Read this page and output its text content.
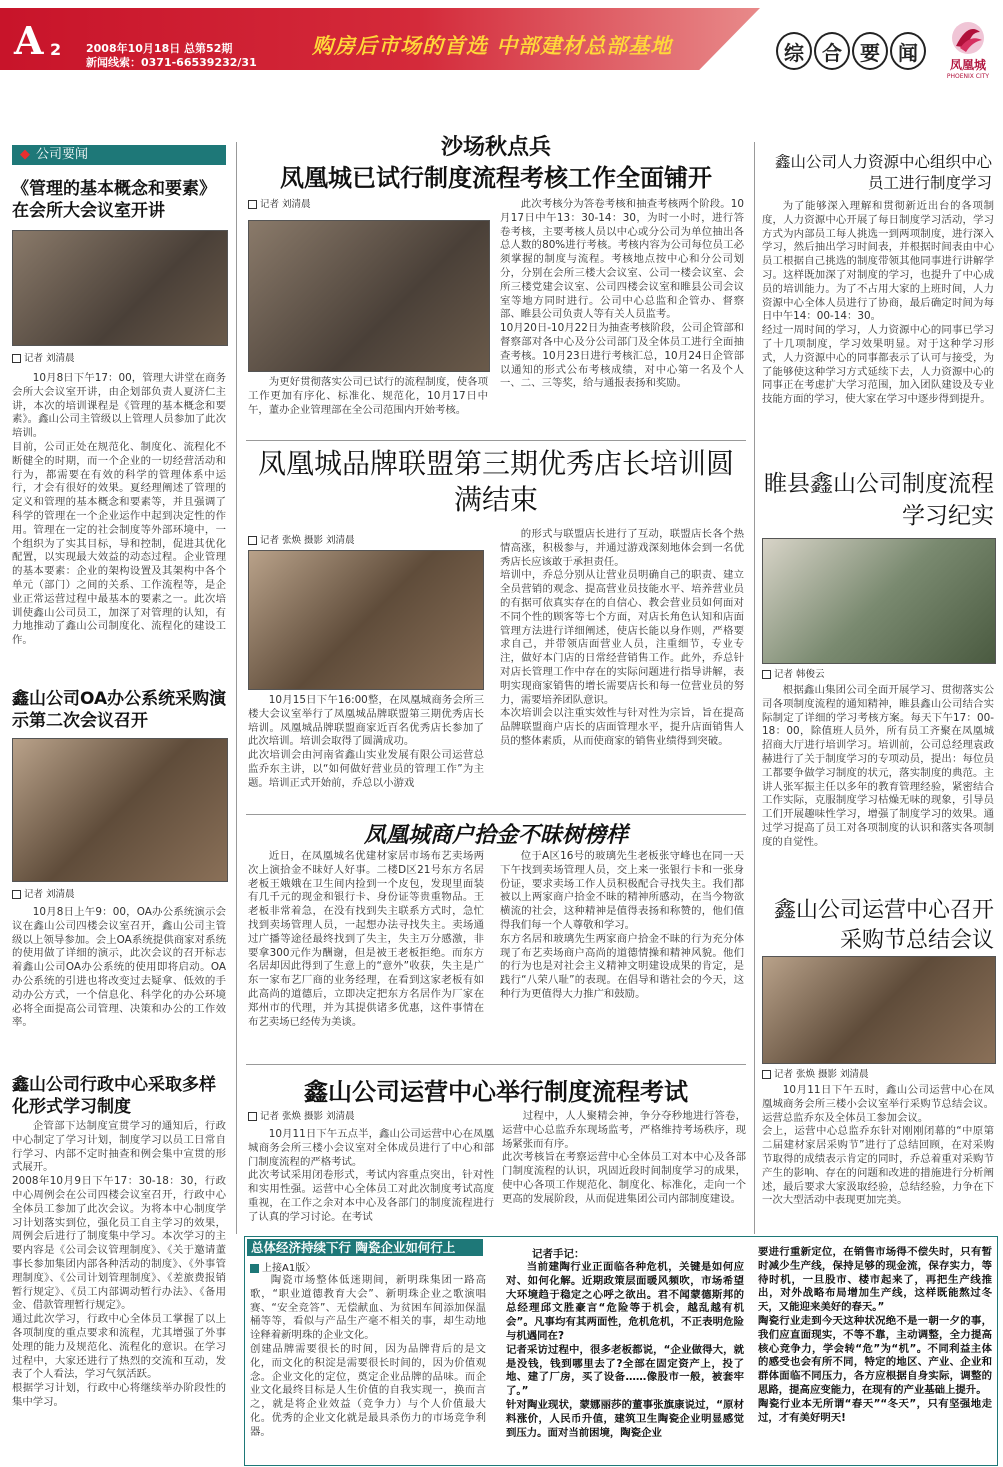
A 2 2008年10月18日 总第52期
新闻线索：0371-66539232/31
购房后市场的首选 中部建材总部基地	综 合 要 闻
凤凰城
PHOENIX CITY
◆ 公司要闻
《管理的基本概念和要素》在会所大会议室开讲
记者 刘清晨
10月8日下午17：00，管理大讲堂在商务会所大会议室开讲，由企划部负责人夏济仁主讲，本次的培训课程是《管理的基本概念和要素》。鑫山公司主管级以上管理人员参加了此次培训。
目前，公司正处在规范化、制度化、流程化不断健全的时期，而一个企业的一切经营活动和行为，都需要在有效的科学的管理体系中运行，才会有很好的效果。夏经理阐述了管理的定义和管理的基本概念和要素等，并且强调了科学的管理在一个企业运作中起到决定性的作用。管理在一定的社会制度等外部环境中，一个组织为了实其目标，导和控制，促进其优化配置，以实现最大效益的动态过程。企业管理的基本要素：企业的架构设置及其架构中各个单元（部门）之间的关系、工作流程等，是企业正常运营过程中最基本的要素之一。此次培训使鑫山公司员工，加深了对管理的认知，有力地推动了鑫山公司制度化、流程化的建设工作。
鑫山公司OA办公系统采购演示第二次会议召开
记者 刘清晨
10月8日上午9：00，OA办公系统演示会议在鑫山公司四楼会议室召开，鑫山公司主管级以上领导参加。会上OA系统提供商家对系统的使用做了详细的演示，此次会议的召开标志着鑫山公司OA办公系统的使用即将启动。OA办公系统的引进也将改变过去疑拿、低效的手动办公方式，一个信息化、科学化的办公环境必将全面提高公司管理、决策和办公的工作效率。
鑫山公司行政中心采取多样化形式学习制度
企管部下达制度宣贯学习的通知后，行政中心制定了学习计划，制度学习以员工日常自行学习、内部不定时抽查和例会集中宣贯的形式展开。
2008年10月9日下午17：30-18：30，行政中心周例会在公司四楼会议室召开，行政中心全体员工参加了此次会议。为将本中心制度学习计划落实到位，强化员工自主学习的效果，周例会后进行了制度集中学习。本次学习的主要内容是《公司会议管理制度》、《关于邀请董事长参加集团内部各种活动的制度》、《外事管理制度》、《公司计划管理制度》、《差旅费报销暂行规定》、《员工内部调动暂行办法》、《备用金、借款管理暂行规定》。
通过此次学习，行政中心全体员工掌握了以上各项制度的重点要求和流程，尤其增强了外事处理的能力及规范化、流程化的意识。在学习过程中，大家还进行了热烈的交流和互动，发表了个人看法，学习气氛活跃。
根据学习计划，行政中心将继续举办阶段性的集中学习。
沙场秋点兵
凤凰城已试行制度流程考核工作全面铺开
记者 刘清晨
为更好贯彻落实公司已试行的流程制度，使各项工作更加有序化、标准化、规范化，10月17日中午，董办企业管理部在全公司范围内开始考核。
此次考核分为答卷考核和抽查考核两个阶段。10月17日中午13：30-14：30，为时一小时，进行答卷考核，主要考核人员以中心或分公司为单位抽出各总人数的80%进行考核。考核内容为公司每位员工必须掌握的制度与流程。考核地点按中心和分公司划分，分别在会所三楼大会议室、公司一楼会议室、会所三楼党建会议室、公司四楼会议室和睢县公司会议室等地方同时进行。公司中心总监和企管办、督察部、睢县公司负责人等有关人员监考。
10月20日-10月22日为抽查考核阶段，公司企管部和督察部对各中心及分公司部门及全体员工进行全面抽查考核。10月23日进行考核汇总，10月24日企管部以通知的形式公布考核成绩，对中心第一名及个人一、二、三等奖，给与通报表扬和奖励。
凤凰城品牌联盟第三期优秀店长培训圆满结束
记者 张焕 摄影 刘清晨
10月15日下午16:00整，在凤凰城商务会所三楼大会议室举行了凤凰城品牌联盟第三期优秀店长培训。凤凰城品牌联盟商家近百名优秀店长参加了此次培训。培训会取得了圆满成功。
此次培训会由河南省鑫山实业发展有限公司运营总监乔东主讲，以“如何做好营业员的管理工作”为主题。培训正式开始前，乔总以小游戏
的形式与联盟店长进行了互动，联盟店长各个热情高涨，积极参与，并通过游戏深刻地体会到一名优秀店长应该敢于承担责任。
培训中，乔总分别从让营业员明确自己的职责、建立全员营销的观念、提高营业员技能水平、培养营业员的有据可依真实存在的自信心、教会营业员如何面对不同个性的顾客等七个方面，对店长角色认知和店面管理方法进行详细阐述，使店长能以身作则，严格要求自己，并带领店面营业人员，注重细节，专业专注，做好本门店的日常经营销售工作。此外，乔总针对店长管理工作中存在的实际问题进行指导讲解，表明实现商家销售的增长需要店长和每一位营业员的努力，需要培养团队意识。
本次培训会以注重实效性与针对性为宗旨，旨在提高品牌联盟商户店长的店面管理水平，提升店面销售人员的整体素质，从而使商家的销售业绩得到突破。
凤凰城商户拾金不昧树榜样
近日，在凤凰城名优建材家居市场布艺卖场两次上演拾金不昧好人好事。二楼D区21号东方名居老板王娥娥在卫生间内捡到一个皮包，发现里面装有几千元的现金和银行卡、身份证等贵重物品。王老板非常着急，在没有找到失主联系方式时，急忙找到卖场管理人员，一起想办法寻找失主。卖场通过广播等途径最终找到了失主，失主万分感激，非要拿300元作为酬谢，但是被王老板拒绝。而东方名居却因此得到了生意上的“意外”收获，失主是广东一家布艺厂商的业务经理，在看到这家老板有如此高尚的道德后，立即决定把东方名居作为厂家在郑州市的代理，并为其提供诸多优惠，这件事情在布艺卖场已经传为美谈。
位于A区16号的玻璃先生老板张守峰也在同一天下午找到卖场管理人员，交上来一张银行卡和一张身份证，要求卖场工作人员积极配合寻找失主。我们都被以上两家商户拾金不昧的精神所感动，在当今物欲横流的社会，这种精神是值得表扬和称赞的，他们值得我们每一个人尊敬和学习。
东方名居和玻璃先生两家商户拾金不昧的行为充分体现了布艺卖场商户高尚的道德情操和精神风貌。他们的行为也是对社会主义精神文明建设成果的肯定，是践行“八荣八耻”的表现。在倡导和谐社会的今天，这种行为更值得大力推广和鼓励。
鑫山公司运营中心举行制度流程考试
记者 张焕 摄影 刘清晨
10月11日下午五点半，鑫山公司运营中心在凤凰城商务会所三楼小会议室对全体成员进行了中心和部门制度流程的严格考试。
此次考试采用闭卷形式，考试内容重点突出，针对性和实用性强。运营中心全体员工对此次制度考试高度重视，在工作之余对本中心及各部门的制度流程进行了认真的学习讨论。在考试
过程中，人人聚精会神，争分夺秒地进行答卷，运营中心总监乔东现场监考，严格维持考场秩序，现场紧张而有序。
此次考核旨在考察运营中心全体员工对本中心及各部门制度流程的认识，巩固近段时间制度学习的成果，使中心各项工作规范化、制度化、标准化，走向一个更高的发展阶段，从而促进集团公司内部制度建设。
鑫山公司人力资源中心组织中心员工进行制度学习
为了能够深入理解和贯彻新近出台的各项制度，人力资源中心开展了每日制度学习活动，学习方式为内部员工每人挑选一到两项制度，进行深入学习，然后抽出学习时间表，并根据时间表由中心员工根据自己挑选的制度带领其他同事进行讲解学习。这样既加深了对制度的学习，也提升了中心成员的培训能力。为了不占用大家的上班时间，人力资源中心全体人员进行了协商，最后确定时间为每日中午14：00-14：30。
经过一周时间的学习，人力资源中心的同事已学习了十几项制度，学习效果明显。对于这种学习形式，人力资源中心的同事都表示了认可与接受，为了能够使这种学习方式延续下去，人力资源中心的同事正在考虑扩大学习范围，加入团队建设及专业技能方面的学习，使大家在学习中逐步得到提升。
睢县鑫山公司制度流程学习纪实
记者 韩俊云
根据鑫山集团公司全面开展学习、贯彻落实公司各项制度流程的通知精神，睢县鑫山公司结合实际制定了详细的学习考核方案。每天下午17：00-18：00，除值班人员外，所有员工齐聚在凤凰城招商大厅进行培训学习。培训前，公司总经理袁政赫进行了关于制度学习的专项动员，提出：每位员工都要争做学习制度的状元，落实制度的典范。主讲人张军振主任以多年的教育管理经验，紧密结合工作实际，克服制度学习枯燥无味的现象，引导员工们开展趣味性学习，增强了制度学习的效果。通过学习提高了员工对各项制度的认识和落实各项制度的自觉性。
鑫山公司运营中心召开采购节总结会议
记者 张焕 摄影 刘清晨
10月11日下午五时，鑫山公司运营中心在凤凰城商务会所三楼小会议室举行采购节总结会议。运营总监乔东及全体员工参加会议。
会上，运营中心总监乔东针对刚刚闭幕的“中原第二届建材家居采购节”进行了总结回顾，在对采购节取得的成绩表示肯定的同时，乔总着重对采购节产生的影响、存在的问题和改进的措施进行分析阐述，最后要求大家汲取经验，总结经验，力争在下一次大型活动中表现更加完美。
总体经济持续下行 陶瓷企业如何行上
上接A1版〉
陶瓷市场整体低迷期间，新明珠集团一路高歌，“职业道德教育大会”、新明珠企业之歌演唱赛、“安全竞答”、无偿献血、为贫困车间添加保温桶等等，看似与产品生产毫不相关的事，却生动地诠释着新明珠的企业文化。
创建品牌需要很长的时间，因为品牌背后的是文化，而文化的积淀是需要很长时间的，因为价值观念。企业文化的定位，奠定企业品牌的品味。而企业文化最终目标是人生价值的自我实现一，换而言之，就是将企业效益（竞争力）与个人价值最大化。优秀的企业文化就是最具杀伤力的市场竞争利器。
记者手记：
当前建陶行业正面临各种危机，关键是如何应对、如何化解。近期政策层面暖风频吹，市场希望大环境趋于稳定之心呼之欲出。君不闻蒙德斯邦的总经理邱文胜豪言“危险等于机会，越乱越有机会”。凡事均有其两面性，危机危机，不正表明危险与机遇同在?
记者采访过程中，很多老板都说，“企业做得大，就是没钱，钱到哪里去了?全部在固定资产上，投了地、建了厂房，买了设备……像股市一般，被套牢了。”
针对陶业现状，蒙娜丽莎的董事张旗康说过，“原材料涨价，人民币升值，建筑卫生陶瓷企业明显感觉到压力。面对当前困境，陶瓷企业
要进行重新定位，在销售市场得不偿失时，只有暂时减少生产线，保持足够的现金流，保存实力，等待时机，一旦股市、楼市起来了，再把生产线推出，对外战略布局增加生产线，这样既能熬过冬天，又能迎来美好的春天。”
陶瓷行业走到今天这种状况绝不是一朝一夕的事，我们应直面现实，不等不靠，主动调整，全力提高核心竞争力，学会转“危”为“机”。不同利益主体的感受也会有所不同，特定的地区、产业、企业和群体面临不同压力，各方应根据自身实际，调整的思路，提高应变能力，在现有的产业基础上提升。
陶瓷行业本无所谓“春天”“冬天”，只有坚强地走过，才有美好明天!
